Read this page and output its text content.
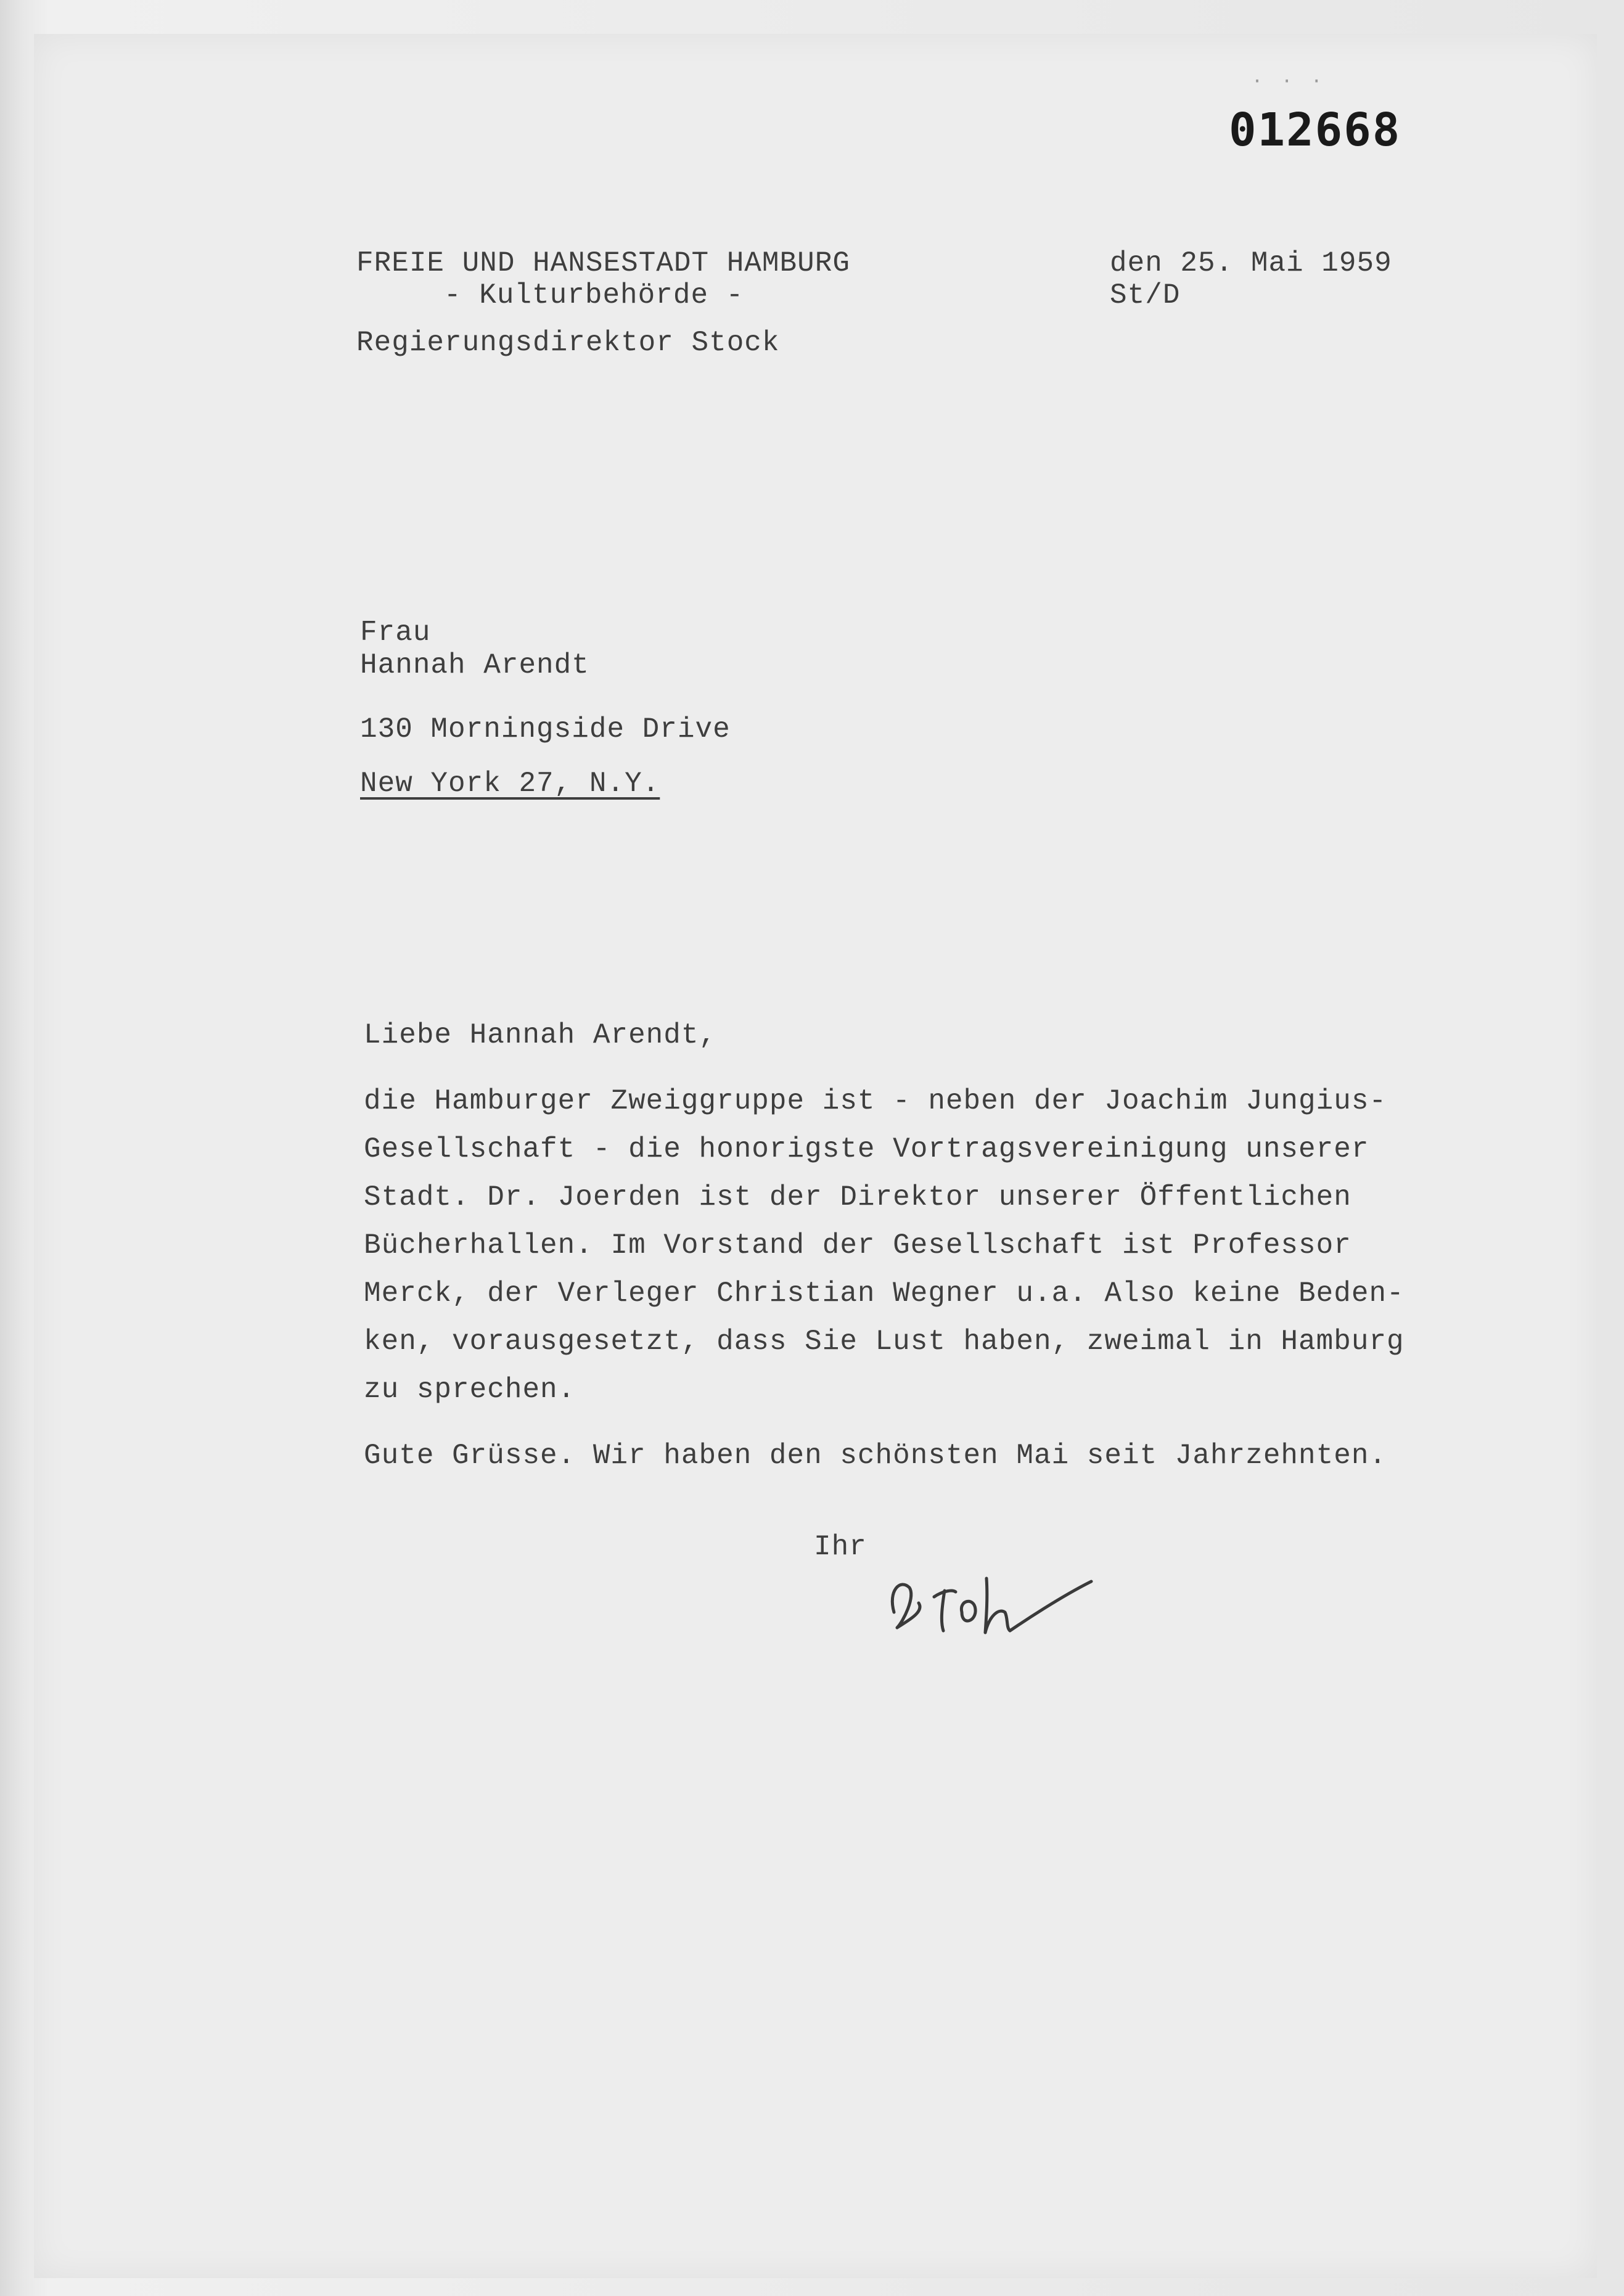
· · ·
012668
FREIE UND HANSESTADT HAMBURG
- Kulturbehörde -
Regierungsdirektor Stock
den 25. Mai 1959
St/D
Frau
Hannah Arendt
130 Morningside Drive
New York 27, N.Y.
Liebe Hannah Arendt,
die Hamburger Zweiggruppe ist - neben der Joachim Jungius-
Gesellschaft - die honorigste Vortragsvereinigung unserer
Stadt. Dr. Joerden ist der Direktor unserer Öffentlichen
Bücherhallen. Im Vorstand der Gesellschaft ist Professor
Merck, der Verleger Christian Wegner u.a. Also keine Beden-
ken, vorausgesetzt, dass Sie Lust haben, zweimal in Hamburg
zu sprechen.
Gute Grüsse. Wir haben den schönsten Mai seit Jahrzehnten.
Ihr
